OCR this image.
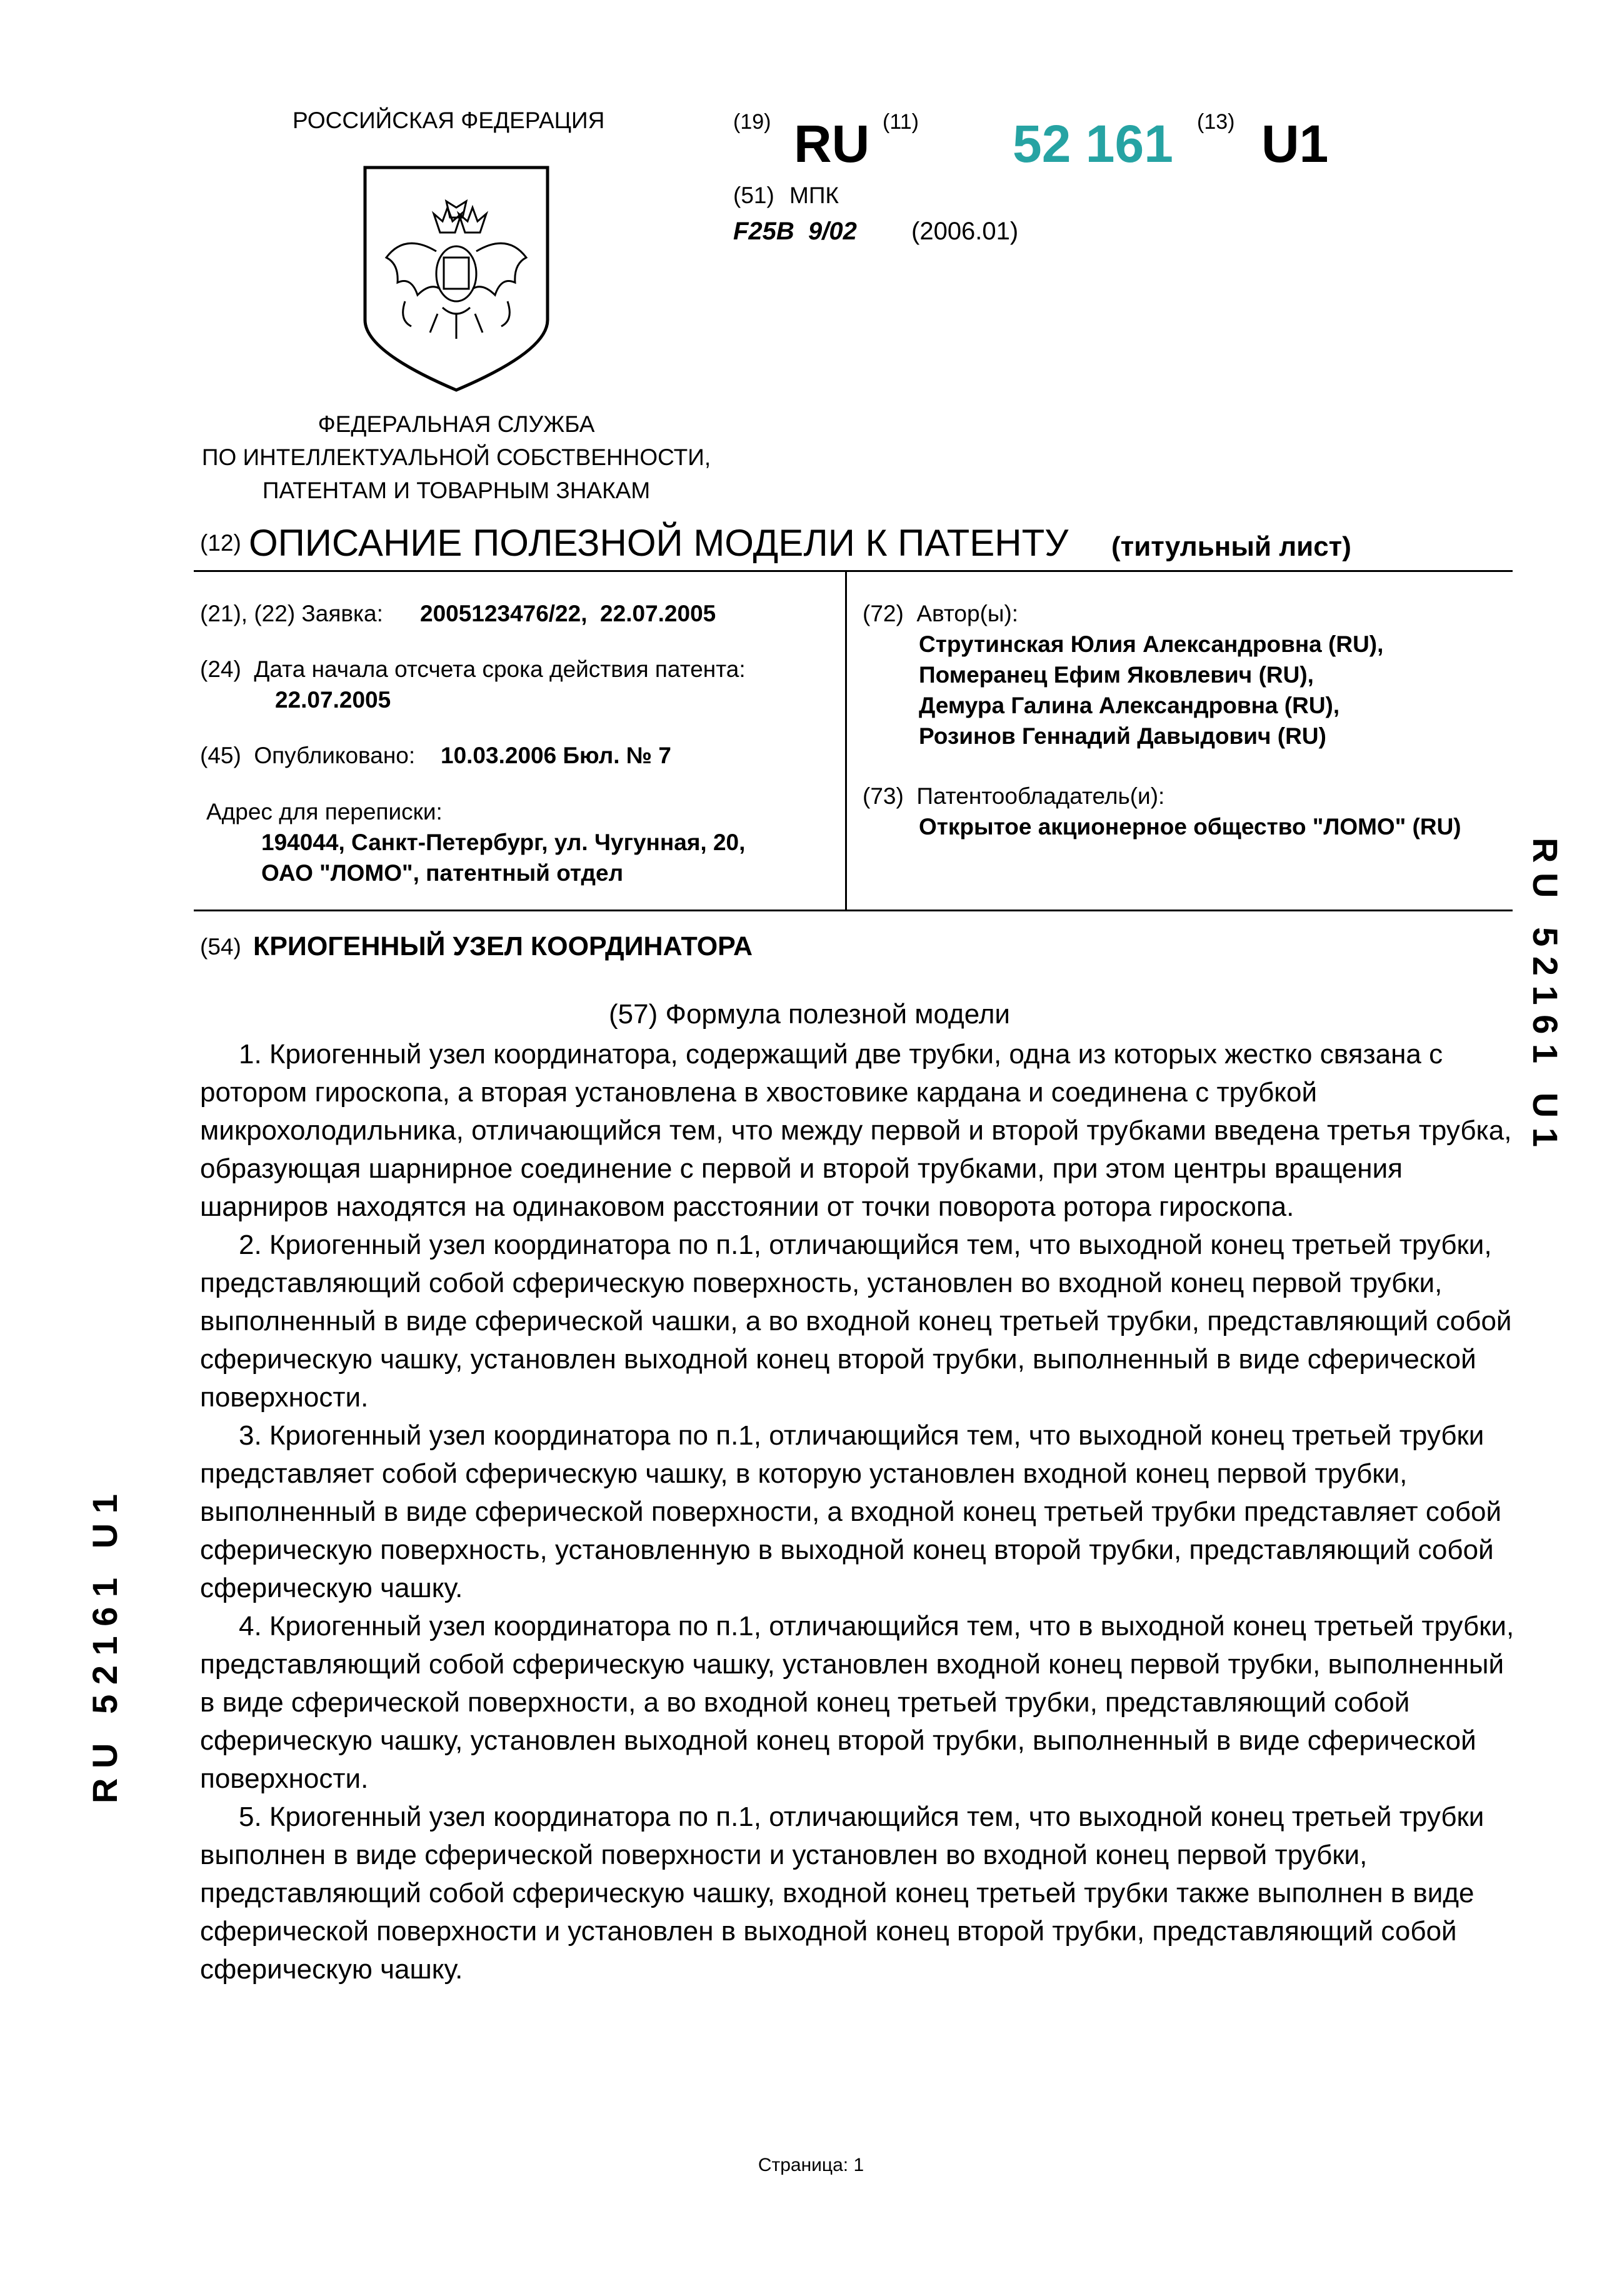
РОССИЙСКАЯ ФЕДЕРАЦИЯ	(19) RU (11) 52 161 (13) U1
(51) МПК
F25B  9/02 (2006.01)
ФЕДЕРАЛЬНАЯ СЛУЖБА
ПО ИНТЕЛЛЕКТУАЛЬНОЙ СОБСТВЕННОСТИ,
ПАТЕНТАМ И ТОВАРНЫМ ЗНАКАМ
(12) ОПИСАНИЕ ПОЛЕЗНОЙ МОДЕЛИ К ПАТЕНТУ (титульный лист)
(21), (22) Заявка: 2005123476/22,  22.07.2005
(24)  Дата начала отсчета срока действия патента:
22.07.2005
(45)  Опубликовано: 10.03.2006 Бюл. № 7
Адрес для переписки:
194044, Санкт-Петербург, ул. Чугунная, 20,
ОАО "ЛОМО", патентный отдел
(72)  Автор(ы):
Струтинская Юлия Александровна (RU),
Померанец Ефим Яковлевич (RU),
Демура Галина Александровна (RU),
Розинов Геннадий Давыдович (RU)
(73)  Патентообладатель(и):
Открытое акционерное общество "ЛОМО" (RU)
(54) КРИОГЕННЫЙ УЗЕЛ КООРДИНАТОРА
(57) Формула полезной модели

1. Криогенный узел координатора, содержащий две трубки, одна из которых жестко связана с ротором гироскопа, а вторая установлена в хвостовике кардана и соединена с трубкой микрохолодильника, отличающийся тем, что между первой и второй трубками введена третья трубка, образующая шарнирное соединение с первой и второй трубками, при этом центры вращения шарниров находятся на одинаковом расстоянии от точки поворота ротора гироскопа.

2. Криогенный узел координатора по п.1, отличающийся тем, что выходной конец третьей трубки, представляющий собой сферическую поверхность, установлен во входной конец первой трубки, выполненный в виде сферической чашки, а во входной конец третьей трубки, представляющий собой сферическую чашку, установлен выходной конец второй трубки, выполненный в виде сферической поверхности.

3. Криогенный узел координатора по п.1, отличающийся тем, что выходной конец третьей трубки представляет собой сферическую чашку, в которую установлен входной конец первой трубки, выполненный в виде сферической поверхности, а входной конец третьей трубки представляет собой сферическую поверхность, установленную в выходной конец второй трубки, представляющий собой сферическую чашку.

4. Криогенный узел координатора по п.1, отличающийся тем, что в выходной конец третьей трубки, представляющий собой сферическую чашку, установлен входной конец первой трубки, выполненный в виде сферической поверхности, а во входной конец третьей трубки, представляющий собой сферическую чашку, установлен выходной конец второй трубки, выполненный в виде сферической поверхности.

5. Криогенный узел координатора по п.1, отличающийся тем, что выходной конец третьей трубки выполнен в виде сферической поверхности и установлен во входной конец первой трубки, представляющий собой сферическую чашку, входной конец третьей трубки также выполнен в виде сферической поверхности и установлен в выходной конец второй трубки, представляющий собой сферическую чашку.

R U   5 2 1 6 1   U 1
R U   5 2 1 6 1   U 1
Страница: 1
